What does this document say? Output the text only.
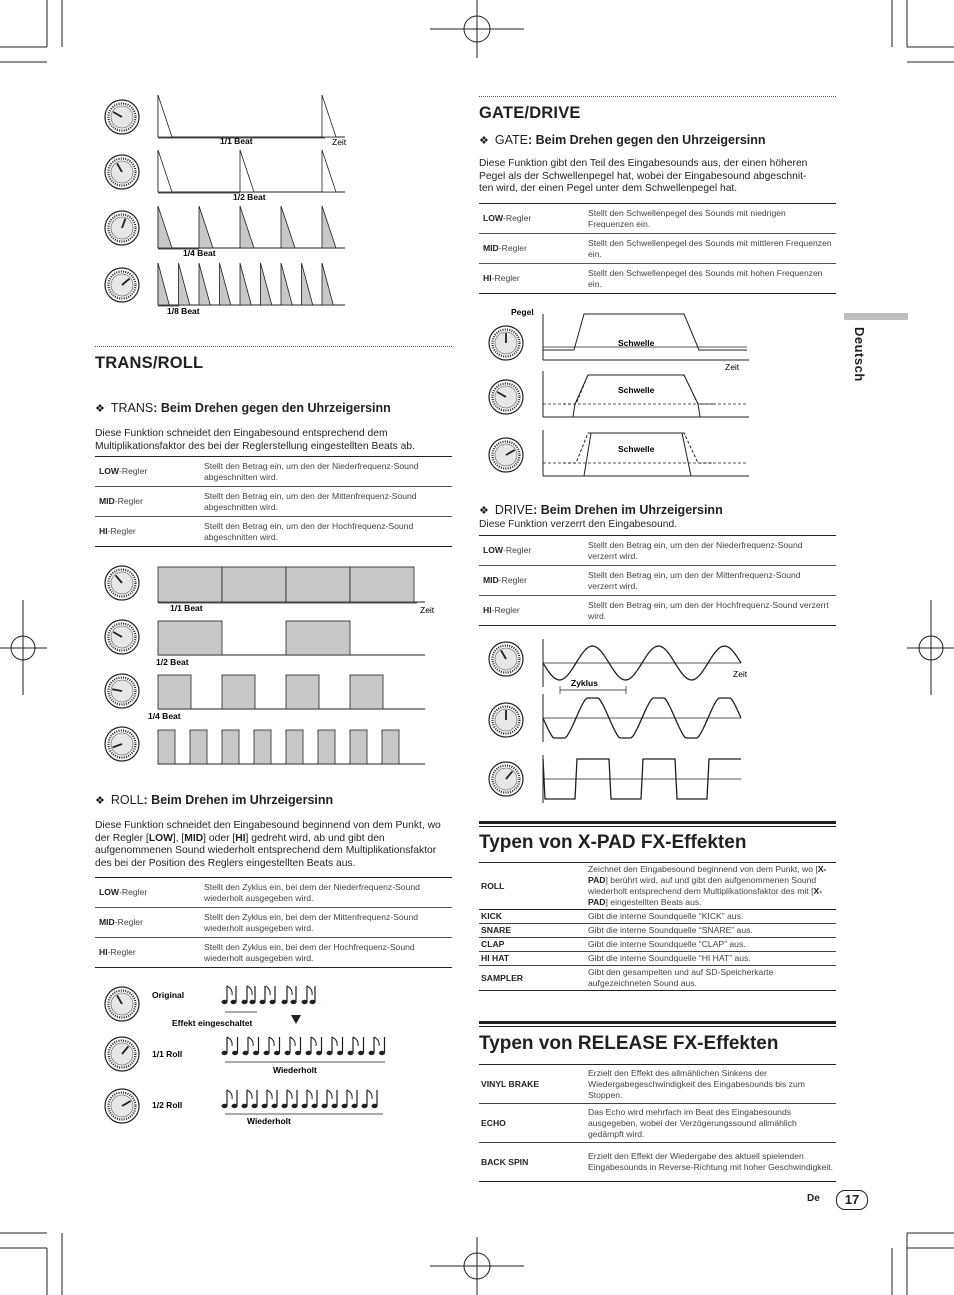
1/1 Beat	Zeit
1/2 Beat
1/4 Beat
1/8 Beat
TRANS/ROLL
❖ TRANS: Beim Drehen gegen den Uhrzeigersinn
Diese Funktion schneidet den Eingabesound entsprechend dem Multiplikationsfaktor des bei der Reglerstellung eingestellten Beats ab.
LOW-Regler	Stellt den Betrag ein, um den der Niederfrequenz-Sound abgeschnitten wird.
MID-Regler	Stellt den Betrag ein, um den der Mittenfrequenz-Sound abgeschnitten wird.
HI-Regler	Stellt den Betrag ein, um den der Hochfrequenz-Sound abgeschnitten wird.
1/1 Beat	Zeit
1/2 Beat
1/4 Beat
❖ ROLL: Beim Drehen im Uhrzeigersinn
Diese Funktion schneidet den Eingabesound beginnend von dem Punkt, wo der Regler [LOW], [MID] oder [HI] gedreht wird, ab und gibt den aufgenommenen Sound wiederholt entsprechend dem Multiplikationsfaktor des bei der Position des Reglers eingestellten Beats aus.
LOW-Regler	Stellt den Zyklus ein, bei dem der Niederfrequenz-Sound wiederholt ausgegeben wird.
MID-Regler	Stellt den Zyklus ein, bei dem der Mittenfrequenz-Sound wiederholt ausgegeben wird.
HI-Regler	Stellt den Zyklus ein, bei dem der Hochfrequenz-Sound wiederholt ausgegeben wird.
Original
Effekt eingeschaltet
1/1 Roll
1/2 Roll
Wiederholt
Wiederholt
GATE/DRIVE
❖ GATE: Beim Drehen gegen den Uhrzeigersinn
Diese Funktion gibt den Teil des Eingabesounds aus, der einen höheren
Pegel als der Schwellenpegel hat, wobei der Eingabesound abgeschnit-
ten wird, der einen Pegel unter dem Schwellenpegel hat.
LOW-Regler	Stellt den Schwellenpegel des Sounds mit niedrigen Frequenzen ein.
MID-Regler	Stellt den Schwellenpegel des Sounds mit mittleren Frequenzen ein.
HI-Regler	Stellt den Schwellenpegel des Sounds mit hohen Frequenzen ein.
Pegel
Schwelle
Schwelle
Schwelle
Zeit
❖ DRIVE: Beim Drehen im Uhrzeigersinn
Diese Funktion verzerrt den Eingabesound.
LOW-Regler	Stellt den Betrag ein, um den der Niederfrequenz-Sound verzerrt wird.
MID-Regler	Stellt den Betrag ein, um den der Mittenfrequenz-Sound verzerrt wird.
HI-Regler	Stellt den Betrag ein, um den der Hochfrequenz-Sound verzerrt wird.
Zyklus
Zeit
Typen von X-PAD FX-Effekten
ROLL	Zeichnet den Eingabesound beginnend von dem Punkt, wo [X-PAD] berührt wird, auf und gibt den aufgenommenen Sound wiederholt entsprechend dem Multiplikationsfaktor des mit [X-PAD] eingestellten Beats aus.
KICK	Gibt die interne Soundquelle “KICK” aus.
SNARE	Gibt die interne Soundquelle “SNARE” aus.
CLAP	Gibt die interne Soundquelle “CLAP” aus.
HI HAT	Gibt die interne Soundquelle “HI HAT” aus.
SAMPLER	Gibt den gesampelten und auf SD-Speicherkarte aufgezeichneten Sound aus.
Typen von RELEASE FX-Effekten
VINYL BRAKE	Erzielt den Effekt des allmählichen Sinkens der Wiedergabegeschwindigkeit des Eingabesounds bis zum Stoppen.
ECHO	Das Echo wird mehrfach im Beat des Eingabesounds ausgegeben, wobei der Verzögerungssound allmählich gedämpft wird.
BACK SPIN	Erzielt den Effekt der Wiedergabe des aktuell spielenden Eingabesounds in Reverse-Richtung mit hoher Geschwindigkeit.
Deutsch
De	17
